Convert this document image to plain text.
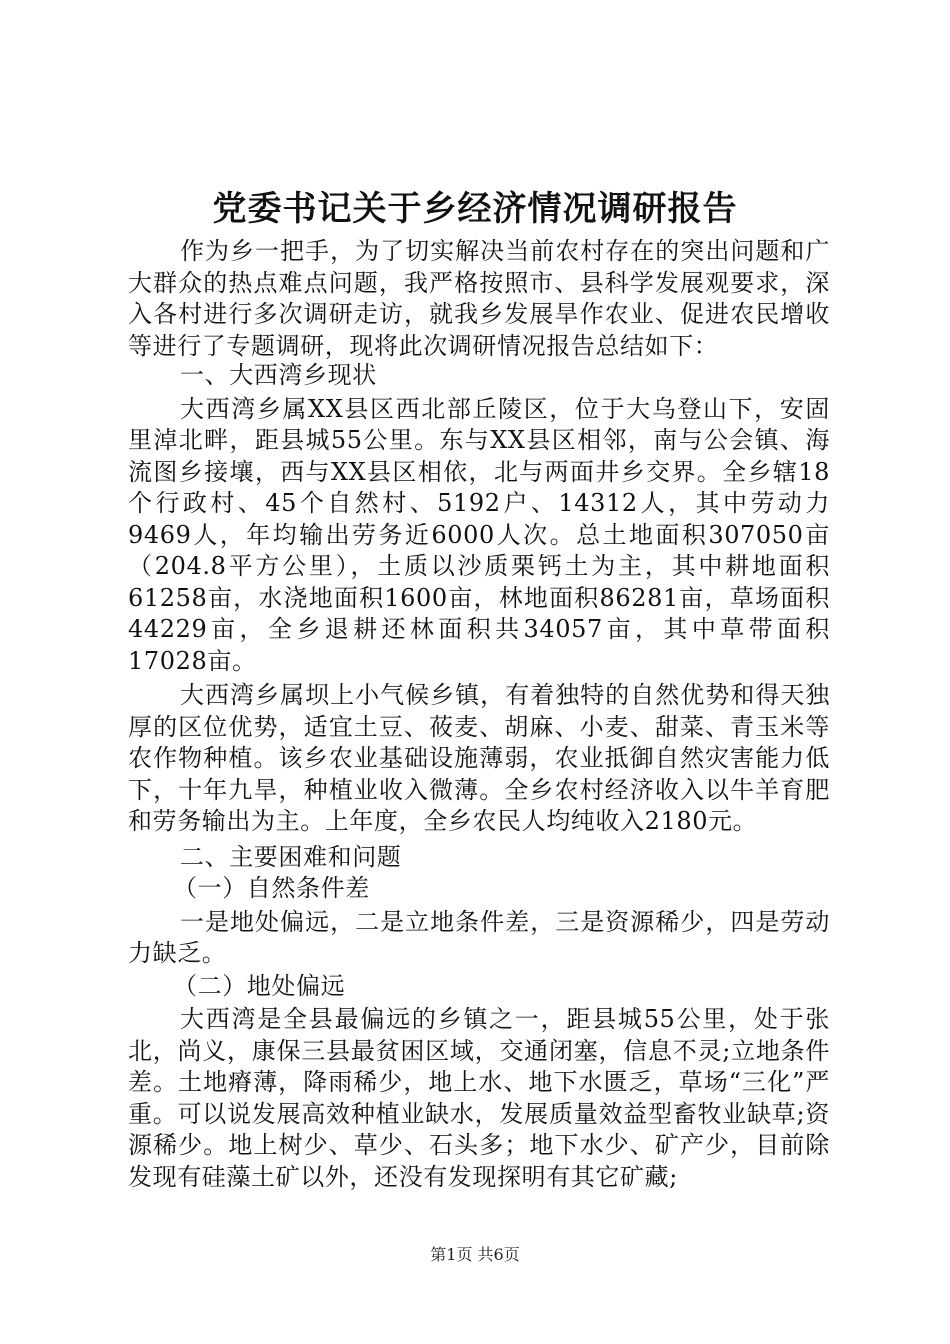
党委书记关于乡经济情况调研报告

作为乡一把手，为了切实解决当前农村存在的突出问题和广大群众的热点难点问题，我严格按照市、县科学发展观要求，深入各村进行多次调研走访，就我乡发展旱作农业、促进农民增收等进行了专题调研，现将此次调研情况报告总结如下：

一、大西湾乡现状

大西湾乡属XX县区西北部丘陵区，位于大乌登山下，安固里淖北畔，距县城55公里。东与XX县区相邻，南与公会镇、海流图乡接壤，西与XX县区相依，北与两面井乡交界。全乡辖18个行政村、45个自然村、5192户、14312人，其中劳动力9469人，年均输出劳务近6000人次。总土地面积307050亩（204.8平方公里），土质以沙质栗钙土为主，其中耕地面积61258亩，水浇地面积1600亩，林地面积86281亩，草场面积44229亩，全乡退耕还林面积共34057亩，其中草带面积17028亩。

大西湾乡属坝上小气候乡镇，有着独特的自然优势和得天独厚的区位优势，适宜土豆、莜麦、胡麻、小麦、甜菜、青玉米等农作物种植。该乡农业基础设施薄弱，农业抵御自然灾害能力低下，十年九旱，种植业收入微薄。全乡农村经济收入以牛羊育肥和劳务输出为主。上年度，全乡农民人均纯收入2180元。

二、主要困难和问题

（一）自然条件差

一是地处偏远，二是立地条件差，三是资源稀少，四是劳动力缺乏。

（二）地处偏远

大西湾是全县最偏远的乡镇之一，距县城55公里，处于张北，尚义，康保三县最贫困区域，交通闭塞，信息不灵;立地条件差。土地瘠薄，降雨稀少，地上水、地下水匮乏，草场“三化”严重。可以说发展高效种植业缺水，发展质量效益型畜牧业缺草;资源稀少。地上树少、草少、石头多；地下水少、矿产少，目前除发现有硅藻土矿以外，还没有发现探明有其它矿藏;

第1页 共6页
